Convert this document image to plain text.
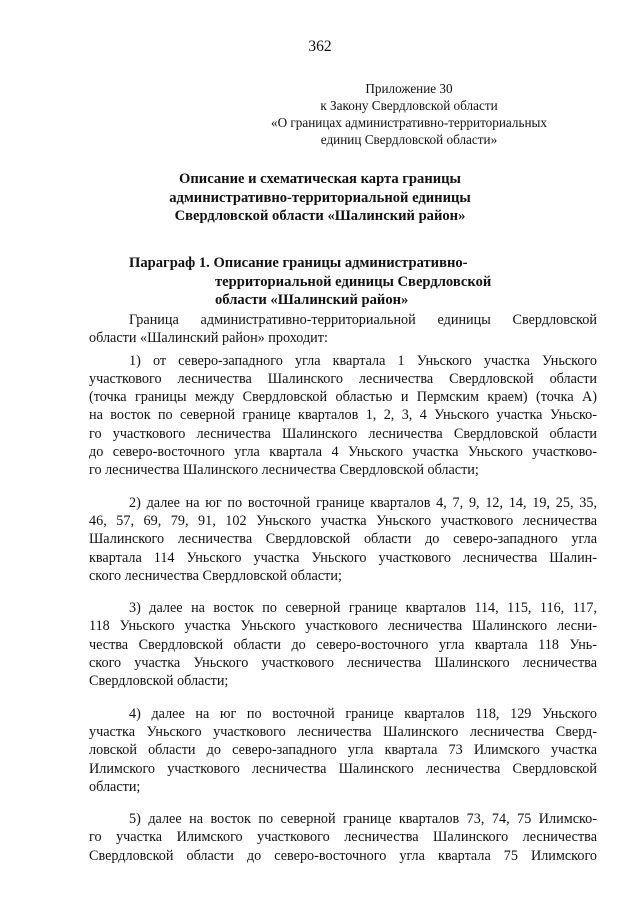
362
Приложение 30
к Закону Свердловской области
«О границах административно-территориальных
единиц Свердловской области»
Описание и схематическая карта границы
административно-территориальной единицы
Свердловской области «Шалинский район»
Параграф 1. Описание границы административно-
территориальной единицы Свердловской
области «Шалинский район»

Граница административно-территориальной единицы Свердловской
области «Шалинский район» проходит:

1) от северо-западного угла квартала 1 Уньского участка Уньского
участкового лесничества Шалинского лесничества Свердловской области
(точка границы между Свердловской областью и Пермским краем) (точка А)
на восток по северной границе кварталов 1, 2, 3, 4 Уньского участка Уньско-
го участкового лесничества Шалинского лесничества Свердловской области
до северо-восточного угла квартала 4 Уньского участка Уньского участково-
го лесничества Шалинского лесничества Свердловской области;

2) далее на юг по восточной границе кварталов 4, 7, 9, 12, 14, 19, 25, 35,
46, 57, 69, 79, 91, 102 Уньского участка Уньского участкового лесничества
Шалинского лесничества Свердловской области до северо-западного угла
квартала 114 Уньского участка Уньского участкового лесничества Шалин-
ского лесничества Свердловской области;

3) далее на восток по северной границе кварталов 114, 115, 116, 117,
118 Уньского участка Уньского участкового лесничества Шалинского лесни-
чества Свердловской области до северо-восточного угла квартала 118 Унь-
ского участка Уньского участкового лесничества Шалинского лесничества
Свердловской области;

4) далее на юг по восточной границе кварталов 118, 129 Уньского
участка Уньского участкового лесничества Шалинского лесничества Сверд-
ловской области до северо-западного угла квартала 73 Илимского участка
Илимского участкового лесничества Шалинского лесничества Свердловской
области;

5) далее на восток по северной границе кварталов 73, 74, 75 Илимско-
го участка Илимского участкового лесничества Шалинского лесничества
Свердловской области до северо-восточного угла квартала 75 Илимского
